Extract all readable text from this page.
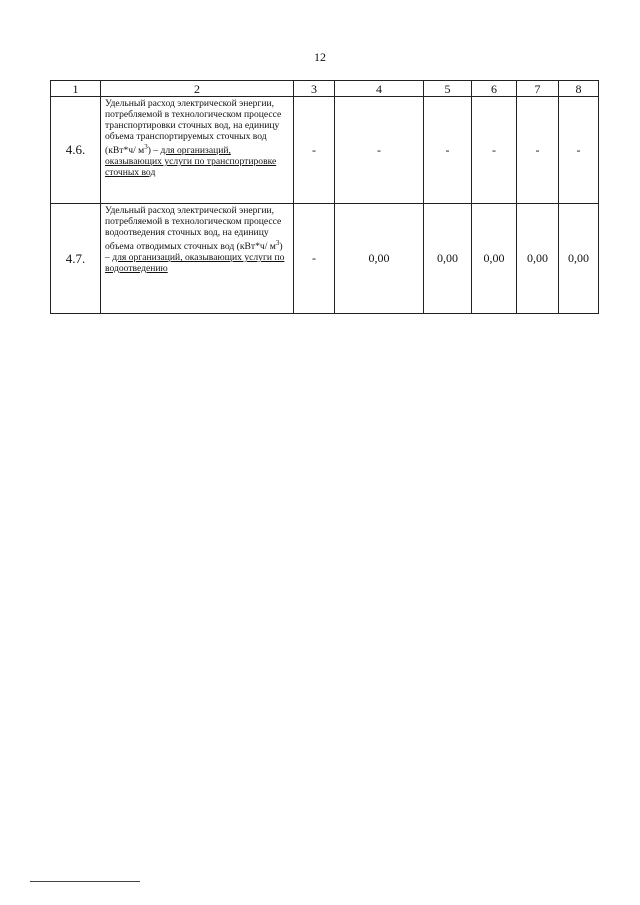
12
1	2	3	4	5	6	7	8
4.6.	Удельный расход электрической энергии, потребляемой в технологическом процессе транспортировки сточных вод, на единицу объема транспортируемых сточных вод (кВт*ч/ $м^3$) – для организаций, оказывающих услуги по транспортировке сточных вод	-	-	-	-	-	-
4.7.	Удельный расход электрической энергии, потребляемой в технологическом процессе водоотведения сточных вод, на единицу объема отводимых сточных вод (кВт*ч/ $м^3$) – для организаций, оказывающих услуги по водоотведению	-	0,00	0,00	0,00	0,00	0,00
